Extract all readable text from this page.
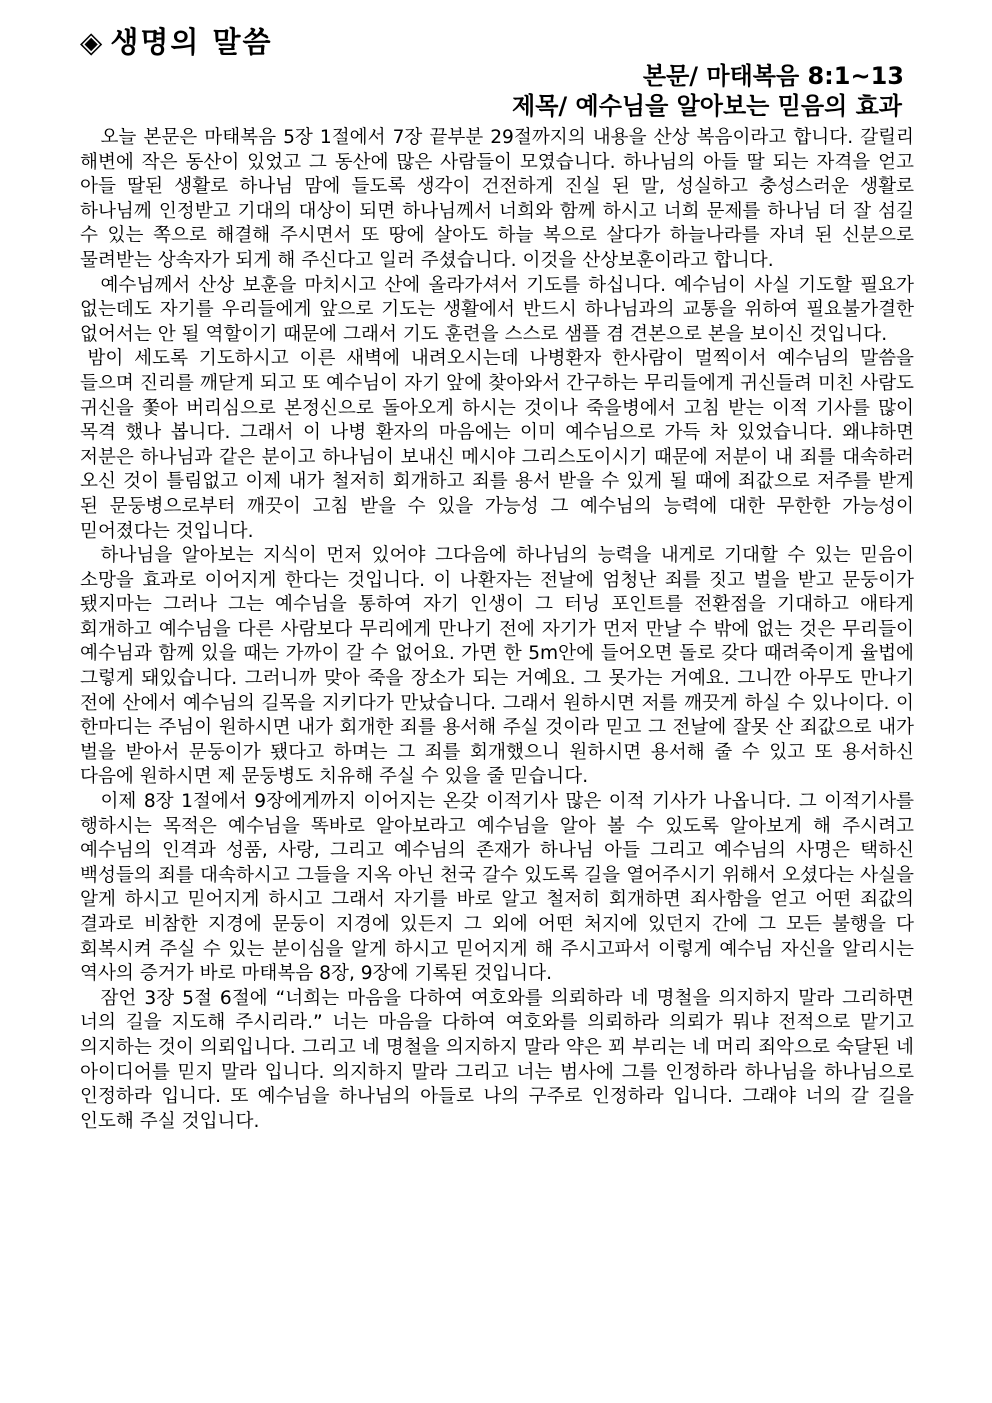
◈ 생명의 말씀
본문/ 마태복음 8:1~13
제목/ 예수님을 알아보는 믿음의 효과

오늘 본문은 마태복음 5장 1절에서 7장 끝부분 29절까지의 내용을 산상 복음이라고 합니다. 갈릴리 해변에 작은 동산이 있었고 그 동산에 많은 사람들이 모였습니다. 하나님의 아들 딸 되는 자격을 얻고 아들 딸된 생활로 하나님 맘에 들도록 생각이 건전하게 진실 된 말, 성실하고 충성스러운 생활로 하나님께 인정받고 기대의 대상이 되면 하나님께서 너희와 함께 하시고 너희 문제를 하나님 더 잘 섬길 수 있는 쪽으로 해결해 주시면서 또 땅에 살아도 하늘 복으로 살다가 하늘나라를 자녀 된 신분으로 물려받는 상속자가 되게 해 주신다고 일러 주셨습니다. 이것을 산상보훈이라고 합니다.

예수님께서 산상 보훈을 마치시고 산에 올라가셔서 기도를 하십니다. 예수님이 사실 기도할 필요가 없는데도 자기를 우리들에게 앞으로 기도는 생활에서 반드시 하나님과의 교통을 위하여 필요불가결한 없어서는 안 될 역할이기 때문에 그래서 기도 훈련을 스스로 샘플 겸 견본으로 본을 보이신 것입니다.

밤이 세도록 기도하시고 이른 새벽에 내려오시는데 나병환자 한사람이 멀찍이서 예수님의 말씀을 들으며 진리를 깨닫게 되고 또 예수님이 자기 앞에 찾아와서 간구하는 무리들에게 귀신들려 미친 사람도 귀신을 쫓아 버리심으로 본정신으로 돌아오게 하시는 것이나 죽을병에서 고침 받는 이적 기사를 많이 목격 했나 봅니다. 그래서 이 나병 환자의 마음에는 이미 예수님으로 가득 차 있었습니다. 왜냐하면 저분은 하나님과 같은 분이고 하나님이 보내신 메시야 그리스도이시기 때문에 저분이 내 죄를 대속하러 오신 것이 틀림없고 이제 내가 철저히 회개하고 죄를 용서 받을 수 있게 될 때에 죄값으로 저주를 받게 된 문둥병으로부터 깨끗이 고침 받을 수 있을 가능성 그 예수님의 능력에 대한 무한한 가능성이 믿어졌다는 것입니다.

하나님을 알아보는 지식이 먼저 있어야 그다음에 하나님의 능력을 내게로 기대할 수 있는 믿음이 소망을 효과로 이어지게 한다는 것입니다. 이 나환자는 전날에 엄청난 죄를 짓고 벌을 받고 문둥이가 됐지마는 그러나 그는 예수님을 통하여 자기 인생이 그 터닝 포인트를 전환점을 기대하고 애타게 회개하고 예수님을 다른 사람보다 무리에게 만나기 전에 자기가 먼저 만날 수 밖에 없는 것은 무리들이 예수님과 함께 있을 때는 가까이 갈 수 없어요. 가면 한 5m안에 들어오면 돌로 갖다 때려죽이게 율법에 그렇게 돼있습니다. 그러니까 맞아 죽을 장소가 되는 거예요. 그 못가는 거예요. 그니깐 아무도 만나기 전에 산에서 예수님의 길목을 지키다가 만났습니다. 그래서 원하시면 저를 깨끗게 하실 수 있나이다. 이 한마디는 주님이 원하시면 내가 회개한 죄를 용서해 주실 것이라 믿고 그 전날에 잘못 산 죄값으로 내가 벌을 받아서 문둥이가 됐다고 하며는 그 죄를 회개했으니 원하시면 용서해 줄 수 있고 또 용서하신 다음에 원하시면 제 문둥병도 치유해 주실 수 있을 줄 믿습니다.

이제 8장 1절에서 9장에게까지 이어지는 온갖 이적기사 많은 이적 기사가 나옵니다. 그 이적기사를 행하시는 목적은 예수님을 똑바로 알아보라고 예수님을 알아 볼 수 있도록 알아보게 해 주시려고 예수님의 인격과 성품, 사랑, 그리고 예수님의 존재가 하나님 아들 그리고 예수님의 사명은 택하신 백성들의 죄를 대속하시고 그들을 지옥 아닌 천국 갈수 있도록 길을 열어주시기 위해서 오셨다는 사실을 알게 하시고 믿어지게 하시고 그래서 자기를 바로 알고 철저히 회개하면 죄사함을 얻고 어떤 죄값의 결과로 비참한 지경에 문둥이 지경에 있든지 그 외에 어떤 처지에 있던지 간에 그 모든 불행을 다 회복시켜 주실 수 있는 분이심을 알게 하시고 믿어지게 해 주시고파서 이렇게 예수님 자신을 알리시는 역사의 증거가 바로 마태복음 8장, 9장에 기록된 것입니다.

잠언 3장 5절 6절에 “너희는 마음을 다하여 여호와를 의뢰하라 네 명철을 의지하지 말라 그리하면 너의 길을 지도해 주시리라.” 너는 마음을 다하여 여호와를 의뢰하라 의뢰가 뭐냐 전적으로 맡기고 의지하는 것이 의뢰입니다. 그리고 네 명철을 의지하지 말라 약은 꾀 부리는 네 머리 죄악으로 숙달된 네 아이디어를 믿지 말라 입니다. 의지하지 말라 그리고 너는 범사에 그를 인정하라 하나님을 하나님으로 인정하라 입니다. 또 예수님을 하나님의 아들로 나의 구주로 인정하라 입니다. 그래야 너의 갈 길을 인도해 주실 것입니다.
